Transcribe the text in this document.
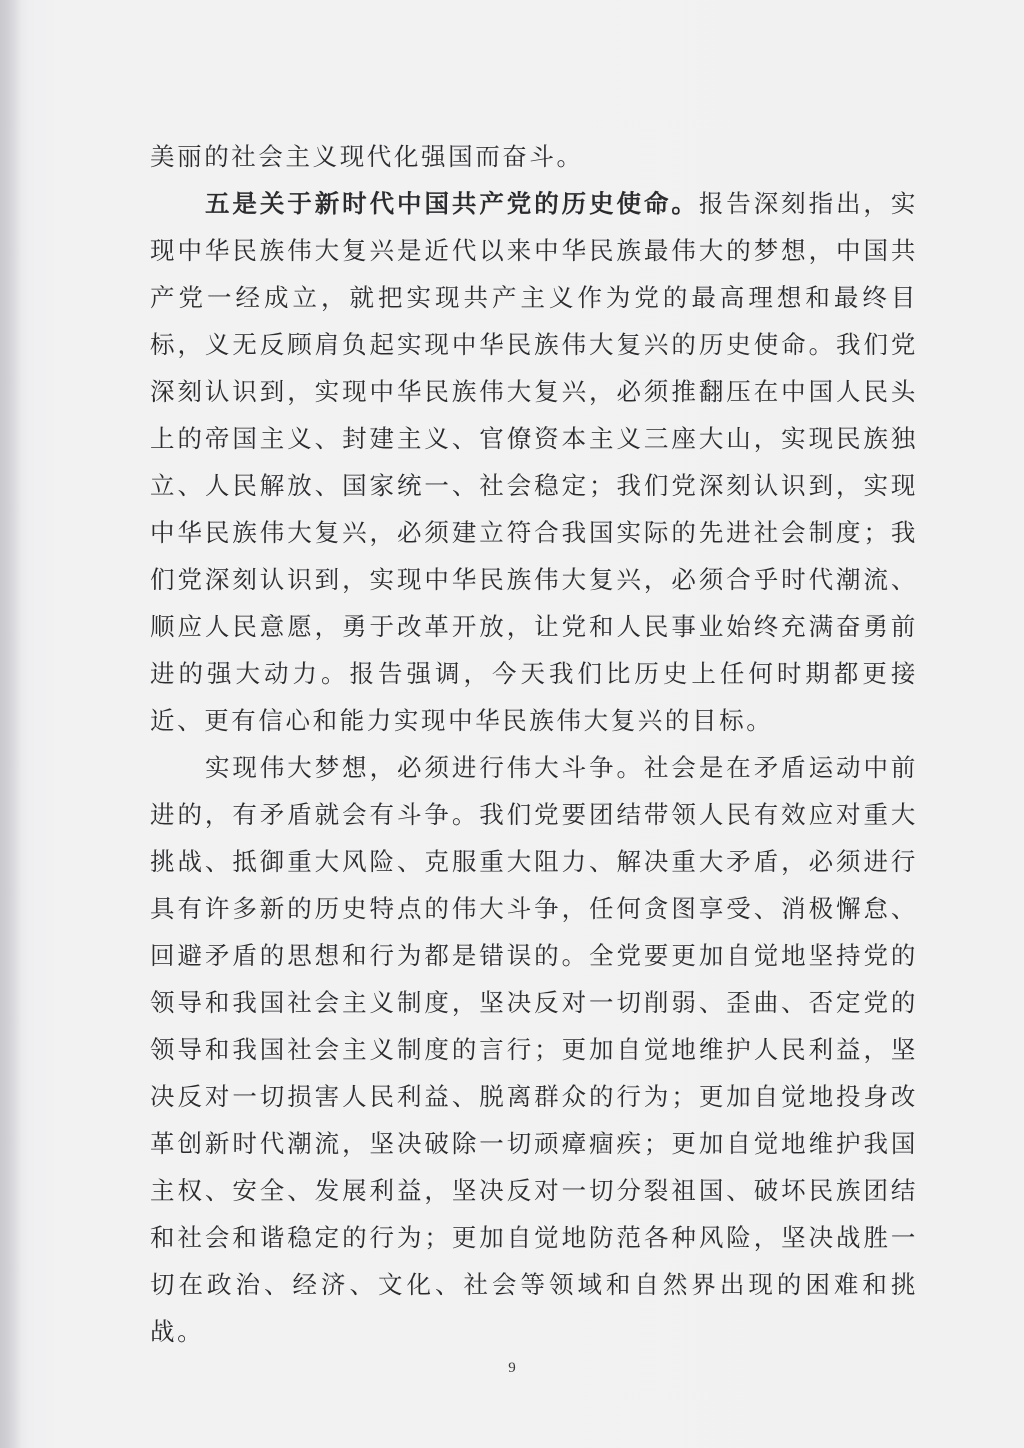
美丽的社会主义现代化强国而奋斗。

五是关于新时代中国共产党的历史使命。报告深刻指出，实现中华民族伟大复兴是近代以来中华民族最伟大的梦想，中国共产党一经成立，就把实现共产主义作为党的最高理想和最终目标，义无反顾肩负起实现中华民族伟大复兴的历史使命。我们党深刻认识到，实现中华民族伟大复兴，必须推翻压在中国人民头上的帝国主义、封建主义、官僚资本主义三座大山，实现民族独立、人民解放、国家统一、社会稳定；我们党深刻认识到，实现中华民族伟大复兴，必须建立符合我国实际的先进社会制度；我们党深刻认识到，实现中华民族伟大复兴，必须合乎时代潮流、顺应人民意愿，勇于改革开放，让党和人民事业始终充满奋勇前进的强大动力。报告强调，今天我们比历史上任何时期都更接近、更有信心和能力实现中华民族伟大复兴的目标。

实现伟大梦想，必须进行伟大斗争。社会是在矛盾运动中前进的，有矛盾就会有斗争。我们党要团结带领人民有效应对重大挑战、抵御重大风险、克服重大阻力、解决重大矛盾，必须进行具有许多新的历史特点的伟大斗争，任何贪图享受、消极懈怠、回避矛盾的思想和行为都是错误的。全党要更加自觉地坚持党的领导和我国社会主义制度，坚决反对一切削弱、歪曲、否定党的领导和我国社会主义制度的言行；更加自觉地维护人民利益，坚决反对一切损害人民利益、脱离群众的行为；更加自觉地投身改革创新时代潮流，坚决破除一切顽瘴痼疾；更加自觉地维护我国主权、安全、发展利益，坚决反对一切分裂祖国、破坏民族团结和社会和谐稳定的行为；更加自觉地防范各种风险，坚决战胜一切在政治、经济、文化、社会等领域和自然界出现的困难和挑战。

9
